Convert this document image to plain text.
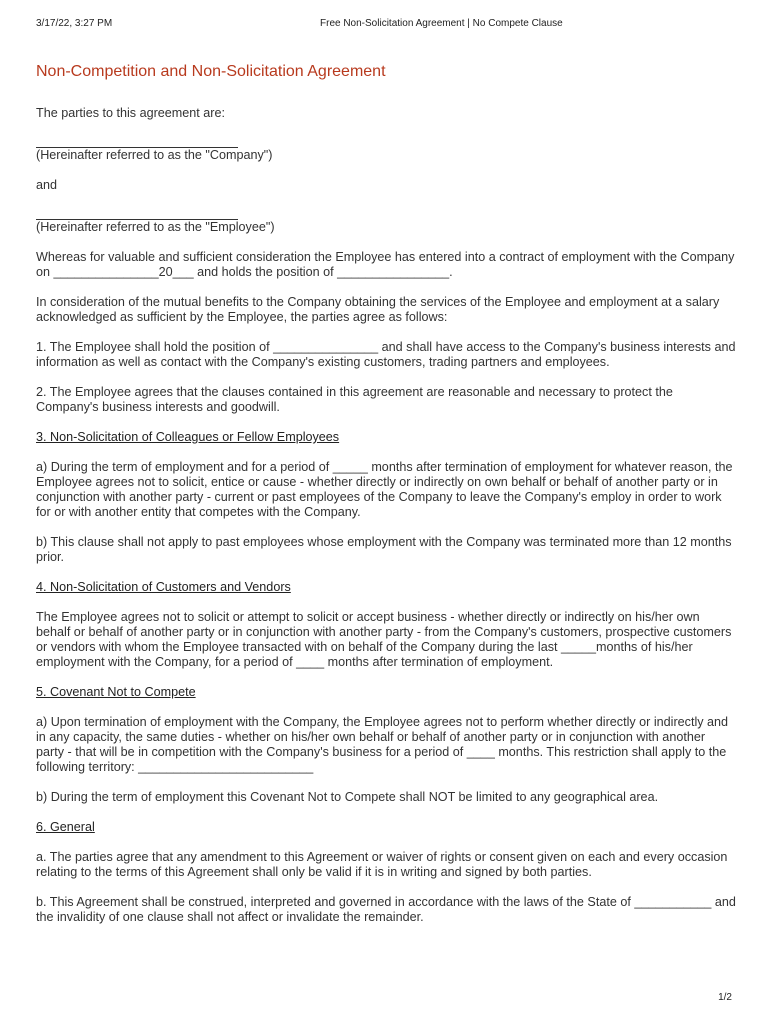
3/17/22, 3:27 PM	Free Non-Solicitation Agreement | No Compete Clause
Non-Competition and Non-Solicitation Agreement

The parties to this agreement are:

(Hereinafter referred to as the "Company")

and

(Hereinafter referred to as the "Employee")

Whereas for valuable and sufficient consideration the Employee has entered into a contract of employment with the Company on _______________20___ and holds the position of ________________.

In consideration of the mutual benefits to the Company obtaining the services of the Employee and employment at a salary acknowledged as sufficient by the Employee, the parties agree as follows:

1. The Employee shall hold the position of _______________ and shall have access to the Company's business interests and information as well as contact with the Company's existing customers, trading partners and employees.

2. The Employee agrees that the clauses contained in this agreement are reasonable and necessary to protect the Company's business interests and goodwill.

3. Non-Solicitation of Colleagues or Fellow Employees

a) During the term of employment and for a period of _____ months after termination of employment for whatever reason, the Employee agrees not to solicit, entice or cause - whether directly or indirectly on own behalf or behalf of another party or in conjunction with another party - current or past employees of the Company to leave the Company's employ in order to work for or with another entity that competes with the Company.

b) This clause shall not apply to past employees whose employment with the Company was terminated more than 12 months prior.

4. Non-Solicitation of Customers and Vendors

The Employee agrees not to solicit or attempt to solicit or accept business - whether directly or indirectly on his/her own behalf or behalf of another party or in conjunction with another party - from the Company's customers, prospective customers or vendors with whom the Employee transacted with on behalf of the Company during the last _____months of his/her employment with the Company, for a period of ____ months after termination of employment.

5. Covenant Not to Compete

a) Upon termination of employment with the Company, the Employee agrees not to perform whether directly or indirectly and in any capacity, the same duties - whether on his/her own behalf or behalf of another party or in conjunction with another party - that will be in competition with the Company's business for a period of ____ months. This restriction shall apply to the following territory: _________________________

b) During the term of employment this Covenant Not to Compete shall NOT be limited to any geographical area.

6. General

a. The parties agree that any amendment to this Agreement or waiver of rights or consent given on each and every occasion relating to the terms of this Agreement shall only be valid if it is in writing and signed by both parties.

b. This Agreement shall be construed, interpreted and governed in accordance with the laws of the State of ___________ and the invalidity of one clause shall not affect or invalidate the remainder.

1/2
